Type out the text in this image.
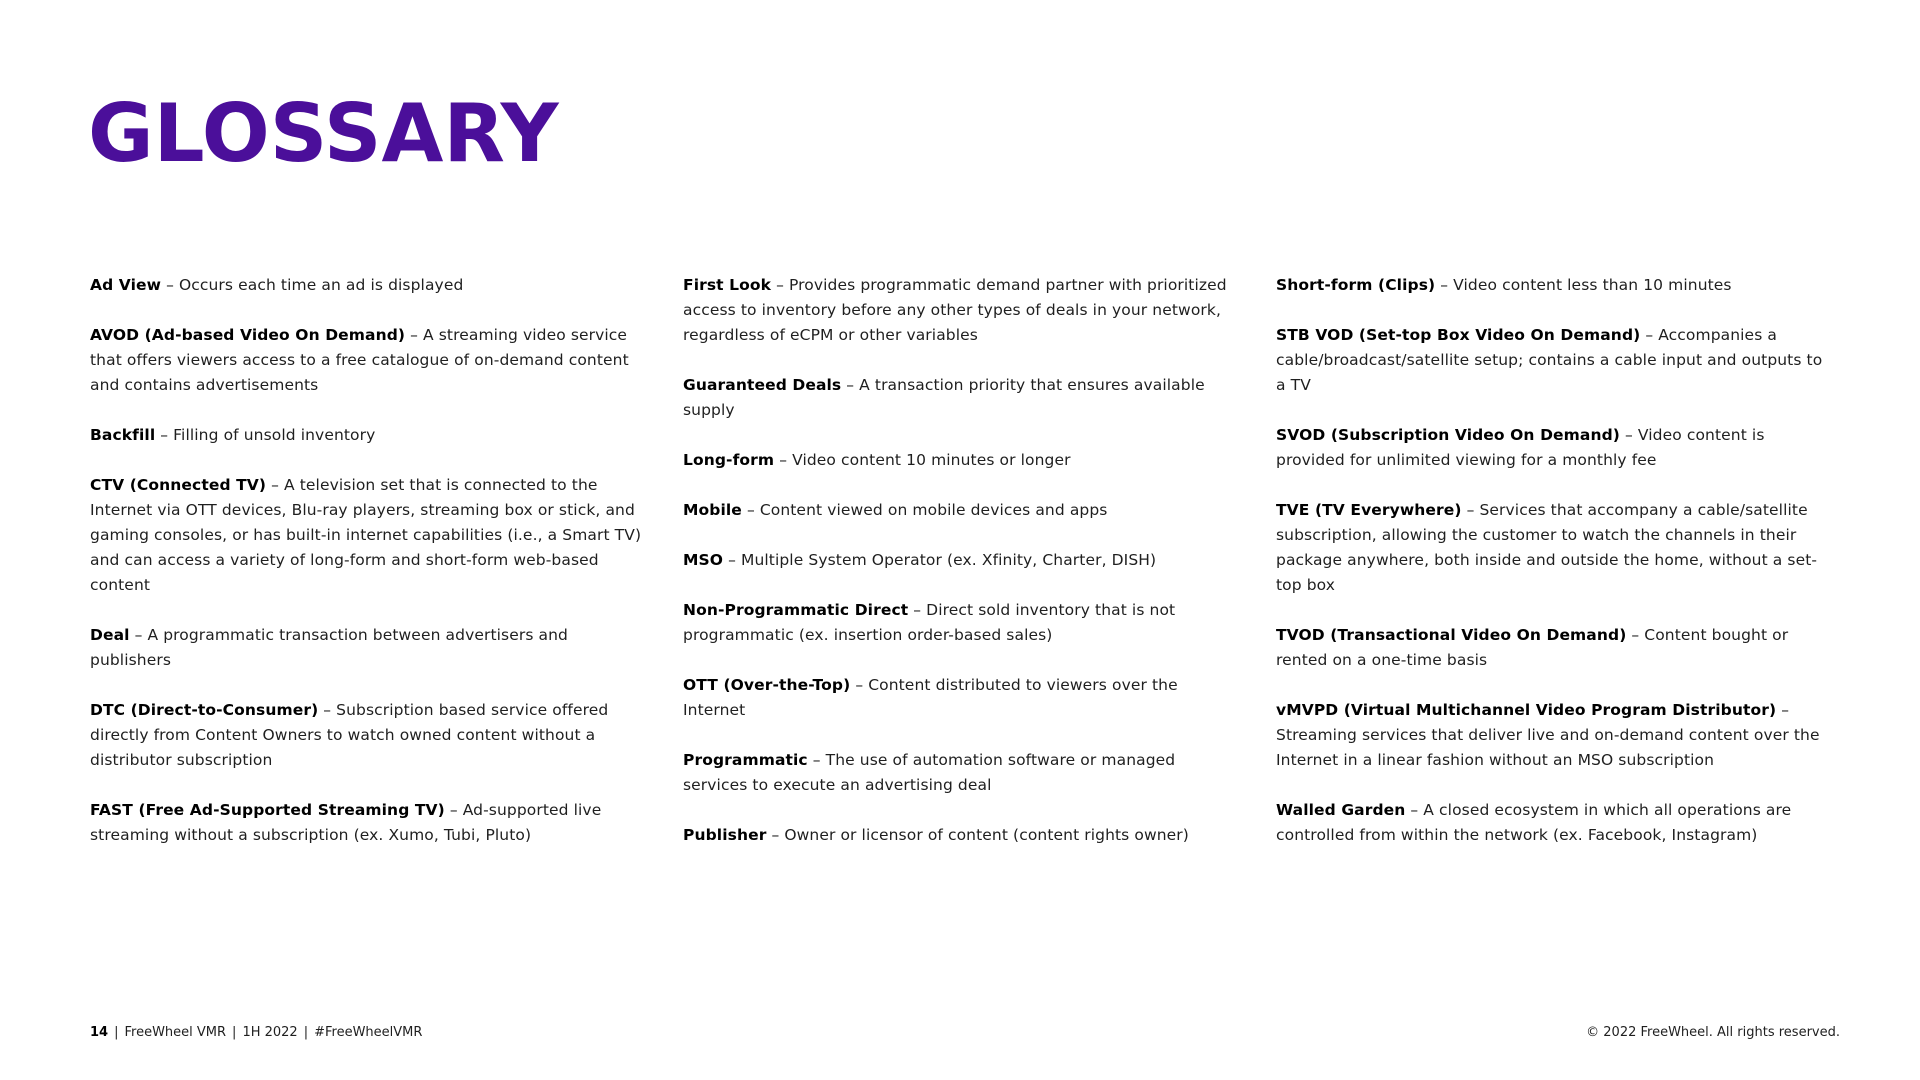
GLOSSARY

Ad View – Occurs each time an ad is displayed

AVOD (Ad-based Video On Demand) – A streaming video service that offers viewers access to a free catalogue of on-demand content and contains advertisements

Backfill – Filling of unsold inventory

CTV (Connected TV) – A television set that is connected to the Internet via OTT devices, Blu-ray players, streaming box or stick, and gaming consoles, or has built-in internet capabilities (i.e., a Smart TV) and can access a variety of long-form and short-form web-based content

Deal – A programmatic transaction between advertisers and publishers

DTC (Direct-to-Consumer) – Subscription based service offered directly from Content Owners to watch owned content without a distributor subscription

FAST (Free Ad-Supported Streaming TV) – Ad-supported live streaming without a subscription (ex. Xumo, Tubi, Pluto)

First Look – Provides programmatic demand partner with prioritized access to inventory before any other types of deals in your network, regardless of eCPM or other variables

Guaranteed Deals – A transaction priority that ensures available supply

Long-form – Video content 10 minutes or longer

Mobile – Content viewed on mobile devices and apps

MSO – Multiple System Operator (ex. Xfinity, Charter, DISH)

Non-Programmatic Direct – Direct sold inventory that is not programmatic (ex. insertion order-based sales)

OTT (Over-the-Top) – Content distributed to viewers over the Internet

Programmatic – The use of automation software or managed services to execute an advertising deal

Publisher – Owner or licensor of content (content rights owner)

Short-form (Clips) – Video content less than 10 minutes

STB VOD (Set-top Box Video On Demand) – Accompanies a cable/broadcast/satellite setup; contains a cable input and outputs to a TV

SVOD (Subscription Video On Demand) – Video content is provided for unlimited viewing for a monthly fee

TVE (TV Everywhere) – Services that accompany a cable/satellite subscription, allowing the customer to watch the channels in their package anywhere, both inside and outside the home, without a set-top box

TVOD (Transactional Video On Demand) – Content bought or rented on a one-time basis

vMVPD (Virtual Multichannel Video Program Distributor) – Streaming services that deliver live and on-demand content over the Internet in a linear fashion without an MSO subscription

Walled Garden – A closed ecosystem in which all operations are controlled from within the network (ex. Facebook, Instagram)

14 | FreeWheel VMR | 1H 2022 | #FreeWheelVMR	© 2022 FreeWheel. All rights reserved.
